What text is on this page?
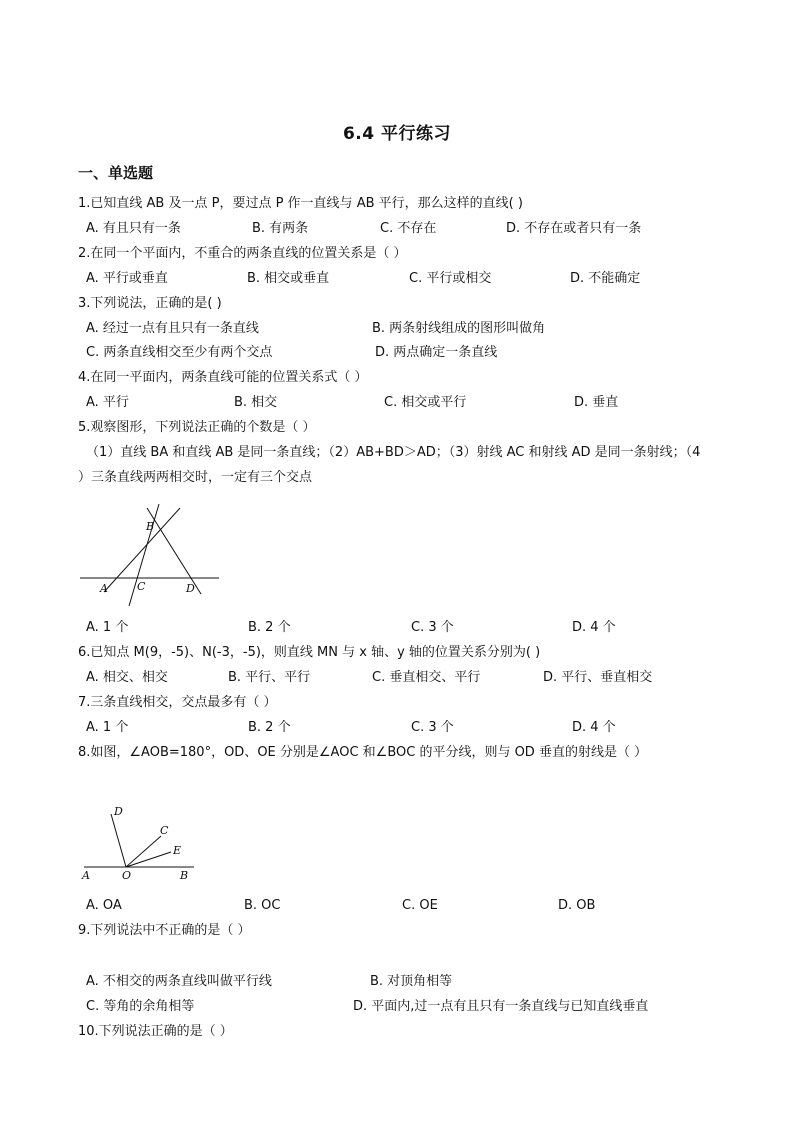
6.4 平行练习
一、单选题
1.已知直线 AB 及一点 P，要过点 P 作一直线与 AB 平行，那么这样的直线( )
A. 有且只有一条	B. 有两条	C. 不存在	D. 不存在或者只有一条
2.在同一个平面内，不重合的两条直线的位置关系是（ ）
A. 平行或垂直	B. 相交或垂直	C. 平行或相交	D. 不能确定
3.下列说法，正确的是( )
A. 经过一点有且只有一条直线	B. 两条射线组成的图形叫做角
C. 两条直线相交至少有两个交点	D. 两点确定一条直线
4.在同一平面内，两条直线可能的位置关系式（ ）
A. 平行	B. 相交	C. 相交或平行	D. 垂直
5.观察图形，下列说法正确的个数是（ ）
（1）直线 BA 和直线 AB 是同一条直线；（2）AB+BD＞AD；（3）射线 AC 和射线 AD 是同一条射线；（4
）三条直线两两相交时，一定有三个交点
B
A	C	D
A. 1 个	B. 2 个	C. 3 个	D. 4 个
6.已知点 M(9，-5)、N(-3，-5)，则直线 MN 与 x 轴、y 轴的位置关系分别为( )
A. 相交、相交	B. 平行、平行	C. 垂直相交、平行	D. 平行、垂直相交
7.三条直线相交，交点最多有（ ）
A. 1 个	B. 2 个	C. 3 个	D. 4 个
8.如图，∠AOB=180°，OD、OE 分别是∠AOC 和∠BOC 的平分线，则与 OD 垂直的射线是（ ）
D
C
E
A	O	B
A. OA	B. OC	C. OE	D. OB
9.下列说法中不正确的是（ ）
A. 不相交的两条直线叫做平行线	B. 对顶角相等
C. 等角的余角相等	D. 平面内,过一点有且只有一条直线与已知直线垂直
10.下列说法正确的是（ ）
